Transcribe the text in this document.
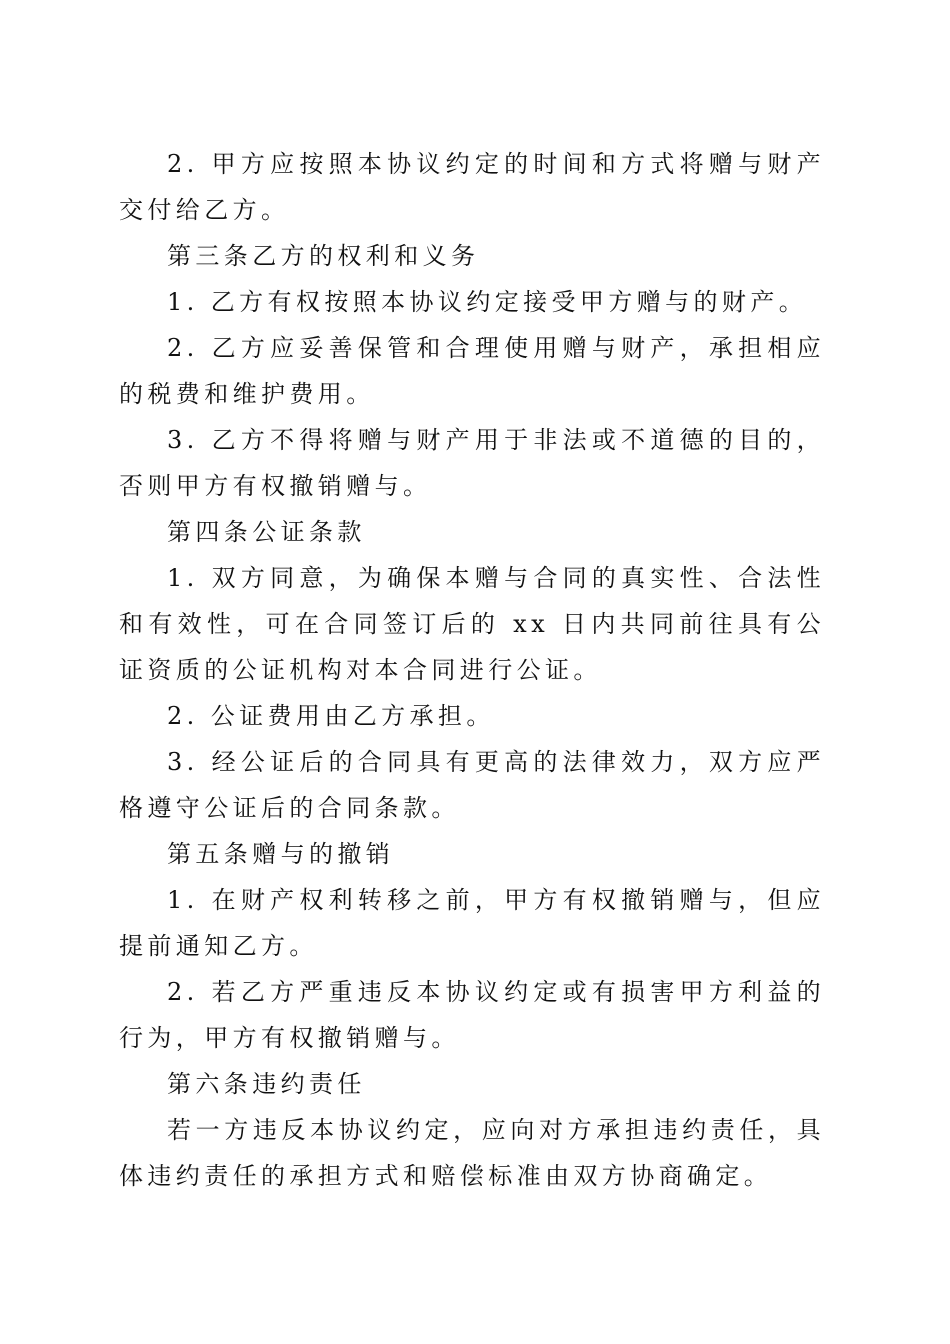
2. 甲方应按照本协议约定的时间和方式将赠与财产交付给乙方。

第三条乙方的权利和义务

1. 乙方有权按照本协议约定接受甲方赠与的财产。

2. 乙方应妥善保管和合理使用赠与财产，承担相应的税费和维护费用。

3. 乙方不得将赠与财产用于非法或不道德的目的，否则甲方有权撤销赠与。

第四条公证条款

1. 双方同意，为确保本赠与合同的真实性、合法性和有效性，可在合同签订后的 xx 日内共同前往具有公证资质的公证机构对本合同进行公证。

2. 公证费用由乙方承担。

3. 经公证后的合同具有更高的法律效力，双方应严格遵守公证后的合同条款。

第五条赠与的撤销

1. 在财产权利转移之前，甲方有权撤销赠与，但应提前通知乙方。

2. 若乙方严重违反本协议约定或有损害甲方利益的行为，甲方有权撤销赠与。

第六条违约责任

若一方违反本协议约定，应向对方承担违约责任，具体违约责任的承担方式和赔偿标准由双方协商确定。
